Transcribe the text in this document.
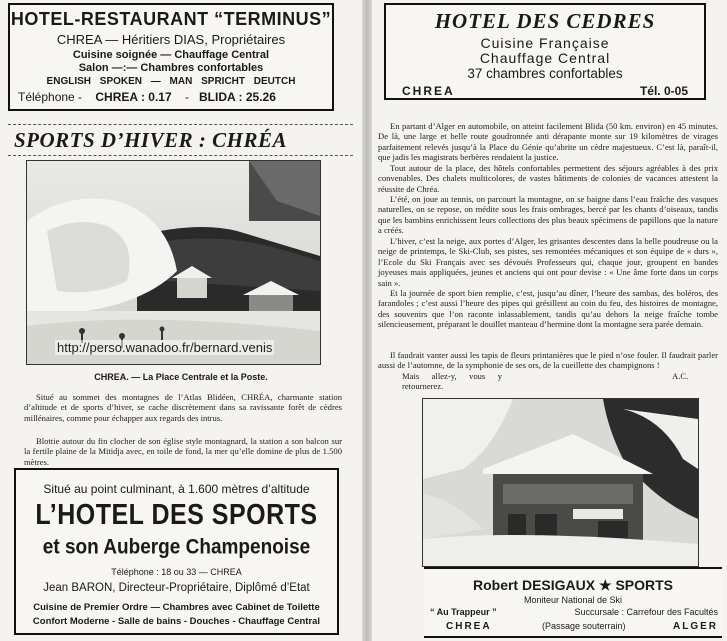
HOTEL-RESTAURANT “TERMINUS”
CHREA — Héritiers DIAS, Propriétaires
Cuisine soignée — Chauffage Central
Salon —:— Chambres confortables
ENGLISH SPOKEN — MAN SPRICHT DEUTCH
Téléphone - CHREA : 0.17    -   BLIDA : 25.26
SPORTS D’HIVER : CHRÉA
http://perso.wanadoo.fr/bernard.venis
CHREA. — La Place Centrale et la Poste.
Situé au sommet des montagnes de l’Atlas Blidéen, CHRÉA, charmante station d’altitude et de sports d’hiver, se cache discrètement dans sa ravissante forêt de cèdres millénaires, comme pour échapper aux regards des intrus.
Blottie autour du fin clocher de son église style montagnard, la station a son balcon sur la fertile plaine de la Mitidja avec, en toile de fond, la mer qu’elle domine de plus de 1.500 mètres.
Situé au point culminant, à 1.600 mètres d’altitude
L’HOTEL DES SPORTS
et son Auberge Champenoise
Téléphone : 18 ou 33 — CHREA
Jean BARON, Directeur-Propriétaire, Diplômé d’Etat
Cuisine de Premier Ordre — Chambres avec Cabinet de Toilette
Confort Moderne - Salle de bains - Douches - Chauffage Central
HOTEL DES CEDRES
Cuisine Française
Chauffage Central
37 chambres confortables
CHREA	Tél. 0-05
En partant d’Alger en automobile, on atteint facilement Blida (50 km. environ) en 45 minutes. De là, une large et belle route goudronnée anti dérapante monte sur 19 kilomètres de virages parfaitement relevés jusqu’à la Place du Génie qu’abrite un cèdre majestueux. C’est là, paraît-il, que jadis les magistrats berbères rendaient la justice.
Tout autour de la place, des hôtels confortables permettent des séjours agréables à des prix convenables. Des chalets multicolores, de vastes bâtiments de colonies de vacances attestent la réussite de Chréa.
L’été, on joue au tennis, on parcourt la montagne, on se baigne dans l’eau fraîche des vasques naturelles, on se repose, on médite sous les frais ombrages, bercé par les chants d’oiseaux, tandis que les bambins enrichissent leurs collections des plus beaux spécimens de papillons que la nature a créés.
L’hiver, c’est la neige, aux portes d’Alger, les grisantes descentes dans la belle poudreuse ou la neige de printemps, le Ski-Club, ses pistes, ses remontées mécaniques et son équipe de « durs », l’Ecole du Ski Français avec ses dévoués Professeurs qui, chaque jour, groupent en bandes joyeuses mais appliquées, jeunes et anciens qui ont pour devise : « Une âme forte dans un corps sain ».
Et la journée de sport bien remplie, c’est, jusqu’au dîner, l’heure des sambas, des boléros, des farandoles ; c’est aussi l’heure des pipes qui grésillent au coin du feu, des histoires de montagne, des souvenirs que l’on raconte inlassablement, tandis qu’au dehors la neige fraîche tombe silencieusement, préparant le douillet manteau d’hermine dont la montagne sera parée demain.
Il faudrait vanter aussi les tapis de fleurs printanières que le pied n’ose fouler. Il faudrait parler aussi de l’automne, de la symphonie de ses ors, de la cueillette des champignons !
Mais allez-y, vous y retournerez.
A.C.
Robert DESIGAUX ★ SPORTS
Moniteur National de Ski
“ Au Trappeur ”	Succursale : Carrefour des Facultés
CHREA	(Passage souterrain)	ALGER
